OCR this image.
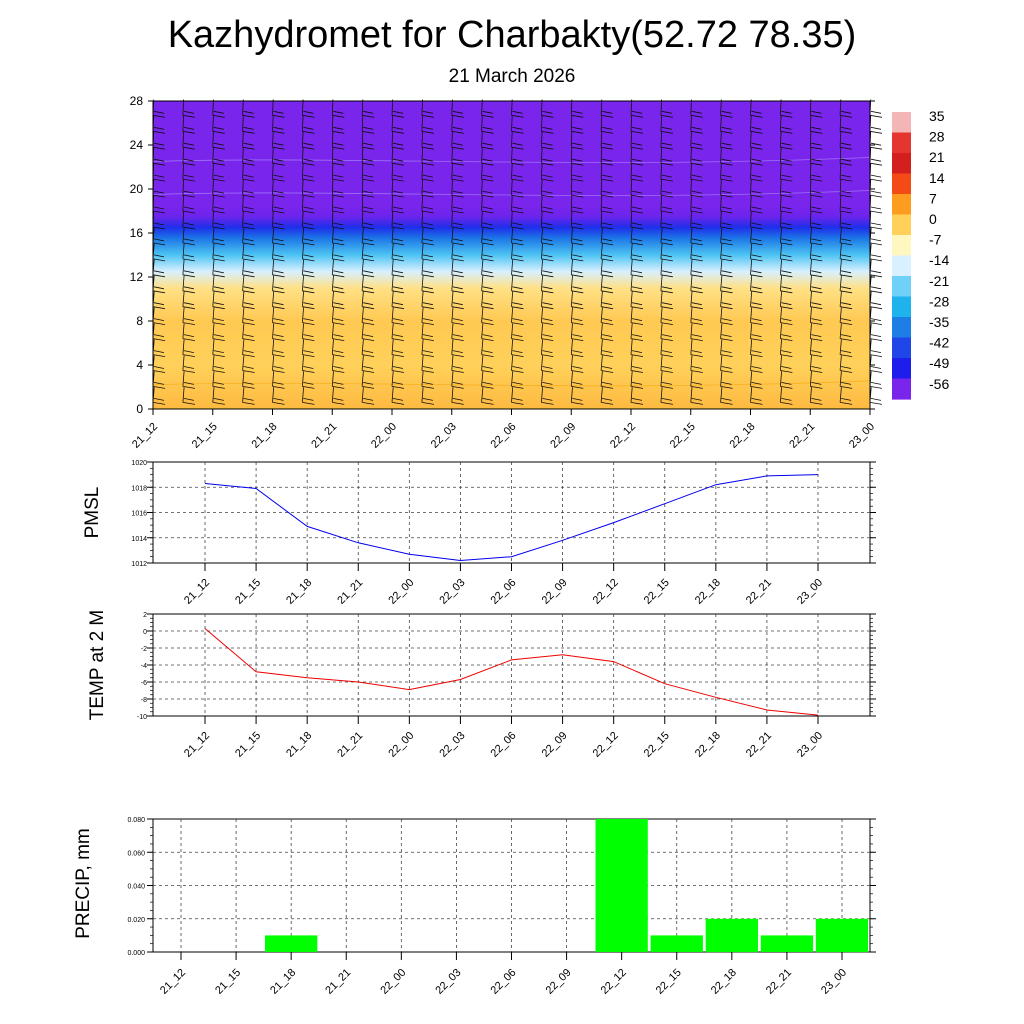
Kazhydromet for Charbakty(52.72 78.35)
21 March 2026
0
4
8
12
16
20
24
28
21_12	21_15	21_18	21_21	22_00	22_03	22_06	22_09	22_12	22_15	22_18	22_21	23_00
35
28
21
14
7
0
-7
-14
-21
-28
-35
-42
-49
-56
1012
1014
1016
1018
1020
21_12 21_15 21_18 21_21 22_00 22_03 22_06 22_09 22_12 22_15 22_18 22_21 23_00
PMSL
-10
-8
-6
-4
-2
0
2
21_12 21_15 21_18 21_21 22_00 22_03 22_06 22_09 22_12 22_15 22_18 22_21 23_00
TEMP at 2 M
0.000
0.020
0.040
0.060
0.080
21_12 21_15 21_18 21_21 22_00 22_03 22_06 22_09 22_12 22_15 22_18 22_21 23_00
PRECIP, mm
